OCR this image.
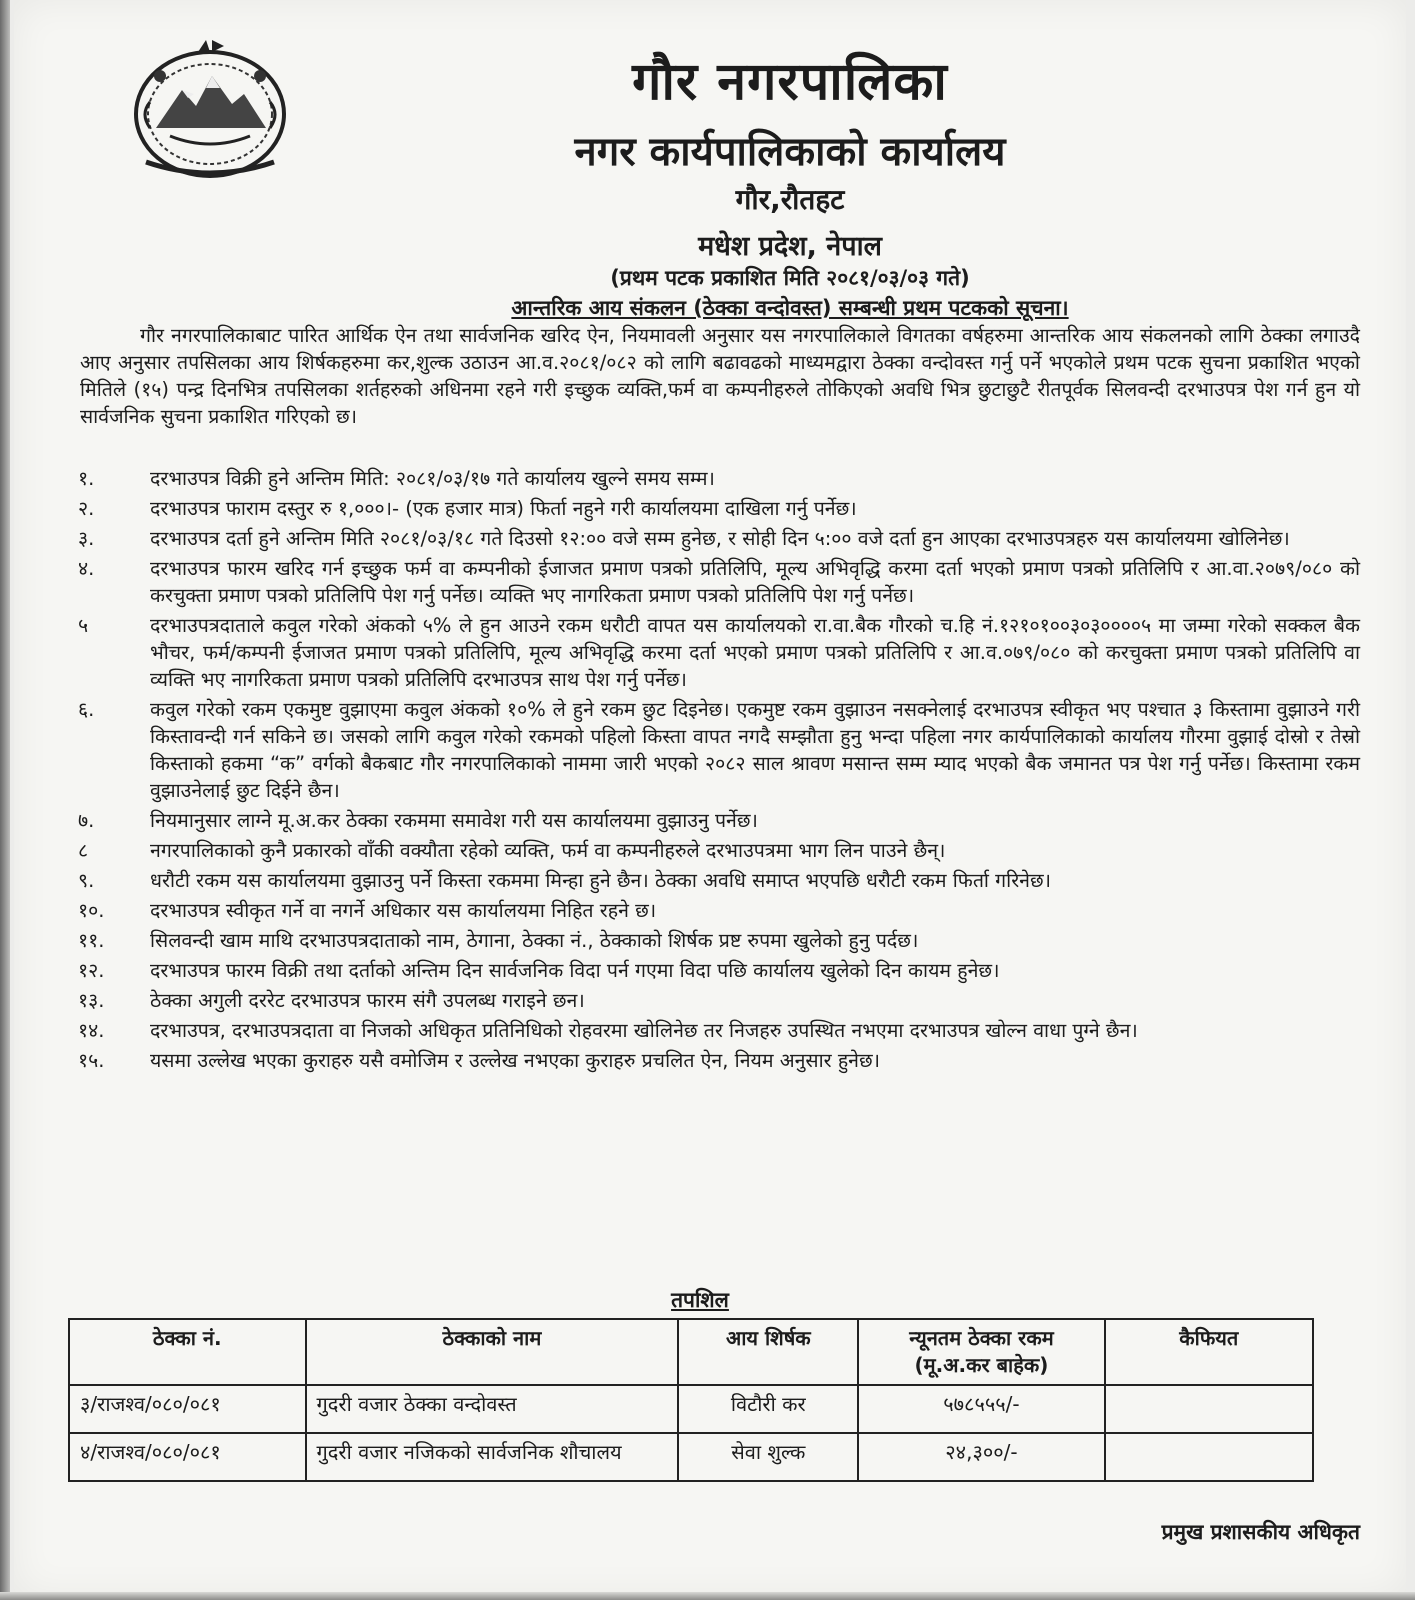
गौर नगरपालिका
नगर कार्यपालिकाको कार्यालय
गौर,रौतहट
मधेश प्रदेश, नेपाल
(प्रथम पटक प्रकाशित मिति २०८१/०३/०३ गते)
आन्तरिक आय संकलन (ठेक्का वन्दोवस्त) सम्बन्धी प्रथम पटकको सूचना।
गौर नगरपालिकाबाट पारित आर्थिक ऐन तथा सार्वजनिक खरिद ऐन, नियमावली अनुसार यस नगरपालिकाले विगतका वर्षहरुमा आन्तरिक आय संकलनको लागि ठेक्का लगाउदै आए अनुसार तपसिलका आय शिर्षकहरुमा कर,शुल्क उठाउन आ.व.२०८१/०८२ को लागि बढावढको माध्यमद्वारा ठेक्का वन्दोवस्त गर्नु पर्ने भएकोले प्रथम पटक सुचना प्रकाशित भएको मितिले (१५) पन्द्र दिनभित्र तपसिलका शर्तहरुको अधिनमा रहने गरी इच्छुक व्यक्ति,फर्म वा कम्पनीहरुले तोकिएको अवधि भित्र छुटाछुटै रीतपूर्वक सिलवन्दी दरभाउपत्र पेश गर्न हुन यो सार्वजनिक सुचना प्रकाशित गरिएको छ।
१.	दरभाउपत्र विक्री हुने अन्तिम मिति: २०८१/०३/१७ गते कार्यालय खुल्ने समय सम्म।
२.	दरभाउपत्र फाराम दस्तुर रु १,०००।- (एक हजार मात्र) फिर्ता नहुने गरी कार्यालयमा दाखिला गर्नु पर्नेछ।
३.	दरभाउपत्र दर्ता हुने अन्तिम मिति २०८१/०३/१८ गते दिउसो १२:०० वजे सम्म हुनेछ, र सोही दिन ५:०० वजे दर्ता हुन आएका दरभाउपत्रहरु यस कार्यालयमा खोलिनेछ।
४.	दरभाउपत्र फारम खरिद गर्न इच्छुक फर्म वा कम्पनीको ईजाजत प्रमाण पत्रको प्रतिलिपि, मूल्य अभिवृद्धि करमा दर्ता भएको प्रमाण पत्रको प्रतिलिपि र आ.वा.२०७९/०८० को करचुक्ता प्रमाण पत्रको प्रतिलिपि पेश गर्नु पर्नेछ। व्यक्ति भए नागरिकता प्रमाण पत्रको प्रतिलिपि पेश गर्नु पर्नेछ।
५	दरभाउपत्रदाताले कवुल गरेको अंकको ५% ले हुन आउने रकम धरौटी वापत यस कार्यालयको रा.वा.बैक गौरको च.हि नं.१२१०१००३०३००००५ मा जम्मा गरेको सक्कल बैक भौचर, फर्म/कम्पनी ईजाजत प्रमाण पत्रको प्रतिलिपि, मूल्य अभिवृद्धि करमा दर्ता भएको प्रमाण पत्रको प्रतिलिपि र आ.व.०७९/०८० को करचुक्ता प्रमाण पत्रको प्रतिलिपि वा व्यक्ति भए नागरिकता प्रमाण पत्रको प्रतिलिपि दरभाउपत्र साथ पेश गर्नु पर्नेछ।
६.	कवुल गरेको रकम एकमुष्ट वुझाएमा कवुल अंकको १०% ले हुने रकम छुट दिइनेछ। एकमुष्ट रकम वुझाउन नसक्नेलाई दरभाउपत्र स्वीकृत भए पश्चात ३ किस्तामा वुझाउने गरी किस्तावन्दी गर्न सकिने छ। जसको लागि कवुल गरेको रकमको पहिलो किस्ता वापत नगदै सम्झौता हुनु भन्दा पहिला नगर कार्यपालिकाको कार्यालय गौरमा वुझाई दोस्रो र तेस्रो किस्ताको हकमा “क” वर्गको बैकबाट गौर नगरपालिकाको नाममा जारी भएको २०८२ साल श्रावण मसान्त सम्म म्याद भएको बैक जमानत पत्र पेश गर्नु पर्नेछ। किस्तामा रकम वुझाउनेलाई छुट दिईने छैन।
७.	नियमानुसार लाग्ने मू.अ.कर ठेक्का रकममा समावेश गरी यस कार्यालयमा वुझाउनु पर्नेछ।
८	नगरपालिकाको कुनै प्रकारको वाँकी वक्यौता रहेको व्यक्ति, फर्म वा कम्पनीहरुले दरभाउपत्रमा भाग लिन पाउने छैन्।
९.	धरौटी रकम यस कार्यालयमा वुझाउनु पर्ने किस्ता रकममा मिन्हा हुने छैन। ठेक्का अवधि समाप्त भएपछि धरौटी रकम फिर्ता गरिनेछ।
१०.	दरभाउपत्र स्वीकृत गर्ने वा नगर्ने अधिकार यस कार्यालयमा निहित रहने छ।
११.	सिलवन्दी खाम माथि दरभाउपत्रदाताको नाम, ठेगाना, ठेक्का नं., ठेक्काको शिर्षक प्रष्ट रुपमा खुलेको हुनु पर्दछ।
१२.	दरभाउपत्र फारम विक्री तथा दर्ताको अन्तिम दिन सार्वजनिक विदा पर्न गएमा विदा पछि कार्यालय खुलेको दिन कायम हुनेछ।
१३.	ठेक्का अगुली दररेट दरभाउपत्र फारम संगै उपलब्ध गराइने छन।
१४.	दरभाउपत्र, दरभाउपत्रदाता वा निजको अधिकृत प्रतिनिधिको रोहवरमा खोलिनेछ तर निजहरु उपस्थित नभएमा दरभाउपत्र खोल्न वाधा पुग्ने छैन।
१५.	यसमा उल्लेख भएका कुराहरु यसै वमोजिम र उल्लेख नभएका कुराहरु प्रचलित ऐन, नियम अनुसार हुनेछ।
तपशिल
ठेक्का नं.	ठेक्काको नाम	आय शिर्षक	न्यूनतम ठेक्का रकम (मू.अ.कर बाहेक)	कैफियत
३/राजश्व/०८०/०८१	गुदरी वजार ठेक्का वन्दोवस्त	विटौरी कर	५७८५५५/-	
४/राजश्व/०८०/०८१	गुदरी वजार नजिकको सार्वजनिक शौचालय	सेवा शुल्क	२४,३००/-	
प्रमुख प्रशासकीय अधिकृत
